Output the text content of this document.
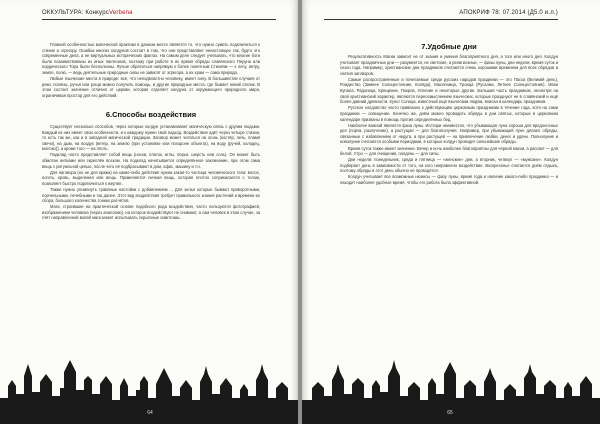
ОККУЛЬТУРА: КонкурсVerbena

Главной особенностью магической практики в данном месте является то, что нужно суметь подключиться к стихии и эгрегору. Ошибка многих колдунов состоит в том, что они представляют ненастоящее так, будто это современные дела, а не виртуальных исторических фактах. На самом деле следует учитывать, что многие боги были позаимствованы из иных пантеонов, поэтому при работе в их время обряды славянского Перуна или нордического Тора были бесполезны. Лучше обратиться напрямую к более понятным Стихиям — к лесу, ветру, земле, полю, — ведь деятельные природные силы не зависят от эгрегора, а их храм — сама природа.

Любые языческие места в природе: все, что неподвластно человеку, имеет силу. В большинстве случаев от реки, поляны, ручья или рощи можно получить помощь, и другие природные места, где бывает некий отклик. В этом состоит значение отличия от церкви, которая отделяет колдуна от окружающего природного мира, ограничивая простор для его действий.

6.Способы воздействия

Существует несколько способов, через которые колдун устанавливает магическую связь с другим людьми. Каждый из них имеет свои особенности, и к каждому нужен свой подход. Воздействие идёт через четыре стихии, то есть так же, как и в западной магической традиции. Заговор может читаться на огонь (костёр, печь, пламя свечи), на дым, на воздух (ветер, на землю (при установке или похороне объекта), на воду (ручей, колодец, молоко)), а кроме того — на плоть.

Подклад часто представляет собой вещь (носки, платок, иглы, перья, шерсть или соль). Он может быть обмотан нитками или скреплён воском. На подклад начитывается определённое заклинание, при этом сама вещь с ритуальной целью, после чего её подбрасывают в дом, офис, машину и т.п.

Для наговора (но не для кражи) на какие-либо действия нужна какая-то частица человеческого тела: волос, ноготь, кровь, выделения или вещь. Применяется личная вещь, которая плотно соприкасается с телом, позволяет быстро подключиться к жертве.

Также нужно упомянуть травяные настойки с добавлением ... Для зелья которые бывают приворотными, порчельными, лечебными и так далее. Этот вид воздействия требует правильного знания растений и времени их сбора, большого количества тонких расчётов.

Маги, строившие на практической основе подобного рода воздействия, часто пользуются фотографией, изображением человека (через аналогию), на которое воздействуют не снимают, а сам человек в этом случае, за счёт направленной волей мага может испытывать серьёзные симптомы.

64
АПОКРИФ 78: 07.2014 (Д5.0 и.л.)
7.Удобные дни

Результативность Магии зависит не от знания и умения благоприятного дня, а того или иного дня. Колдун учитывает праздничные дни — разумеется, не светские, а религиозные, — фазы луны, дни недели, время суток и сезон года. Например, христианские дни праздников считаются очень хорошими временем для всех обрядов и снятия заговоров.

Самые распространённые и почитаемые среди русских народов праздники — это Пасха (Великий день), Рождество (Зимнее Солнцестояние, Коляда), Масленица, Троица (Русалии, Летнее Солнцестояние), Иван Купала, Радоница, Крещение, Покров, Успение и некоторые другие. Большая часть праздников, несмотря на свой христианский характер, являются переосмыслением языческих, которые празднуют не в славянский и ещё более давний древности. Культ Солнца, известный ещё языческим людям, вписан в календарь праздников.

Русское колдовство часто привязано к действующим церковным праздникам в течение года, хотя на сами праздники — освещение. Конечно же, днём можно проводить обряды в дни святых, которые в церковном календаре призваны в помощь против определённых бед.

Наиболее важной является фаза луны. Исстари неизвестно, что убывающая луна хороша для вредоносных дел (порча, разлучение), а растущая — для благополучия. Например, при убывающей луне делают обряды, связанные с избавлением от недуга, а при растущей — на привлечение любви, денег и удачи. Полнолуние и новолуние считаются особыми периодами, в которые колдун проводит сильнейшие обряды.

Время суток также имеет значение. Вечер и ночь наиболее благоприятны для чёрной магии, а рассвет — для белой. Утро — для очищения, полдень — для силы.

Дни недели: понедельник, среда и пятница — «женские» дни, а вторник, четверг — «мужские». Колдун подбирает день в зависимости от того, на кого направлено воздействие. Воскресенье считается днём отдыха, поэтому обряды в этот день обычно не проводятся.

Колдун учитывает все возможные нюансы — фазу луны, время года и наличие какого-либо праздника — и находит наиболее удобное время, чтобы его работа была эффективной.

65
